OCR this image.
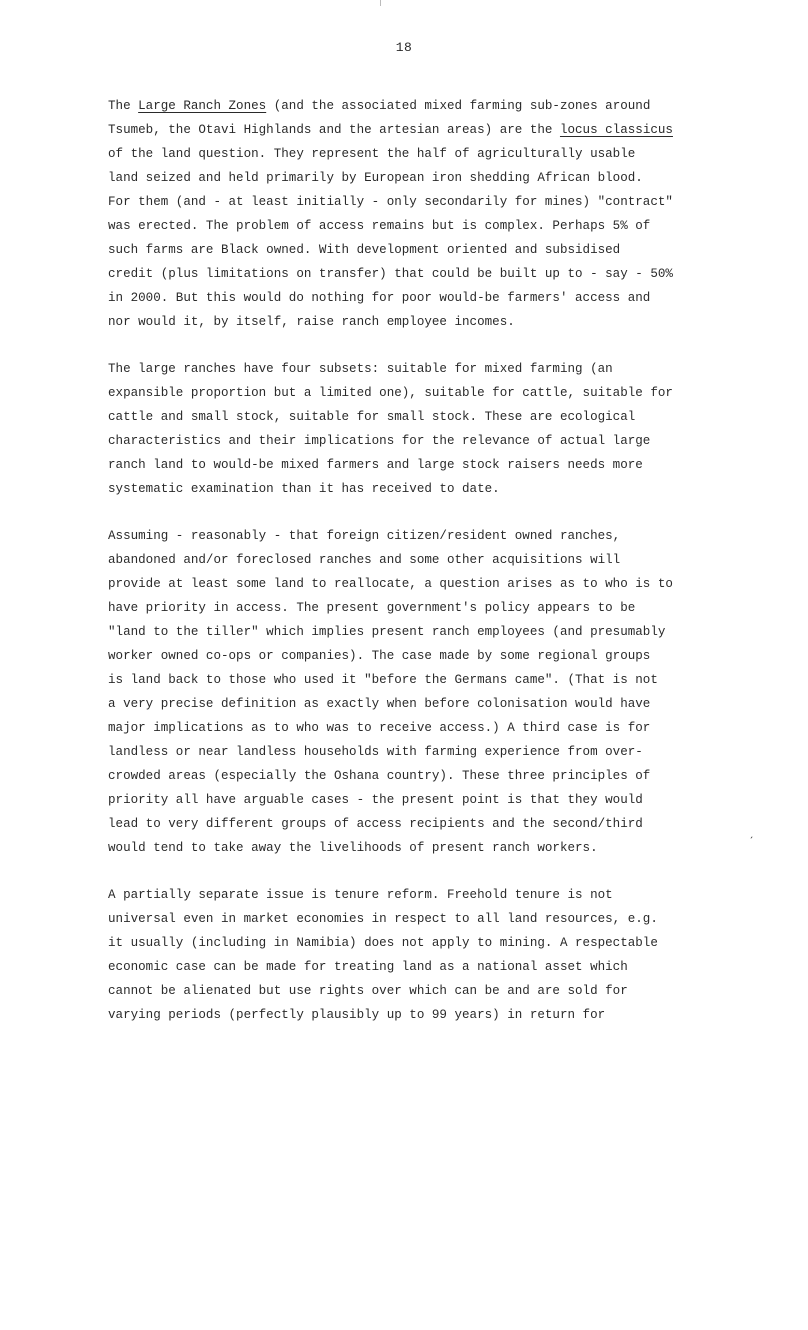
18
The Large Ranch Zones (and the associated mixed farming sub-zones around
Tsumeb, the Otavi Highlands and the artesian areas) are the locus classicus
of the land question. They represent the half of agriculturally usable
land seized and held primarily by European iron shedding African blood.
For them (and - at least initially - only secondarily for mines) "contract"
was erected. The problem of access remains but is complex. Perhaps 5% of
such farms are Black owned. With development oriented and subsidised
credit (plus limitations on transfer) that could be built up to - say - 50%
in 2000. But this would do nothing for poor would-be farmers' access and
nor would it, by itself, raise ranch employee incomes.
The large ranches have four subsets: suitable for mixed farming (an
expansible proportion but a limited one), suitable for cattle, suitable for
cattle and small stock, suitable for small stock. These are ecological
characteristics and their implications for the relevance of actual large
ranch land to would-be mixed farmers and large stock raisers needs more
systematic examination than it has received to date.
Assuming - reasonably - that foreign citizen/resident owned ranches,
abandoned and/or foreclosed ranches and some other acquisitions will
provide at least some land to reallocate, a question arises as to who is to
have priority in access. The present government's policy appears to be
"land to the tiller" which implies present ranch employees (and presumably
worker owned co-ops or companies). The case made by some regional groups
is land back to those who used it "before the Germans came". (That is not
a very precise definition as exactly when before colonisation would have
major implications as to who was to receive access.) A third case is for
landless or near landless households with farming experience from over-
crowded areas (especially the Oshana country). These three principles of
priority all have arguable cases - the present point is that they would
lead to very different groups of access recipients and the second/third
would tend to take away the livelihoods of present ranch workers.
A partially separate issue is tenure reform. Freehold tenure is not
universal even in market economies in respect to all land resources, e.g.
it usually (including in Namibia) does not apply to mining. A respectable
economic case can be made for treating land as a national asset which
cannot be alienated but use rights over which can be and are sold for
varying periods (perfectly plausibly up to 99 years) in return for
ˏ
